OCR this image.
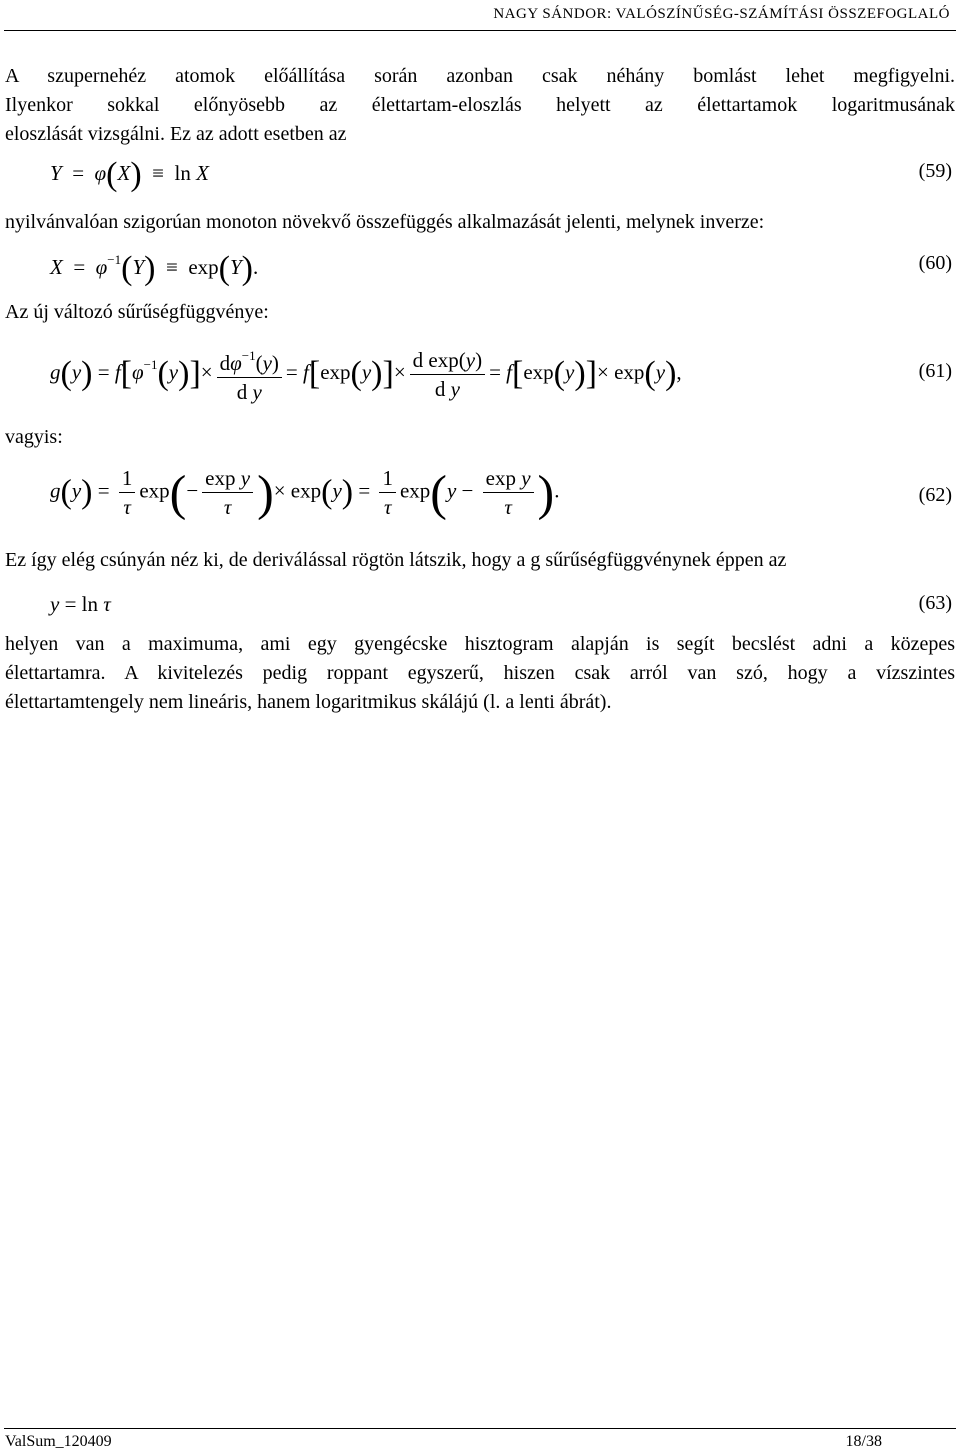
NAGY SÁNDOR: VALÓSZÍNŰSÉG-SZÁMÍTÁSI ÖSSZEFOGLALÓ
A szupernehéz atomok előállítása során azonban csak néhány bomlást lehet megfigyelni.
Ilyenkor sokkal előnyösebb az élettartam-eloszlás helyett az élettartamok logaritmusának
eloszlását vizsgálni. Ez az adott esetben az
Y  =  φ(X)  ≡  ln X	(59)
nyilvánvalóan szigorúan monoton növekvő összefüggés alkalmazását jelenti, melynek inverze:
$X = \varphi^{-1}(Y) \equiv \exp(Y)$.	(60)
Az új változó sűrűségfüggvénye:
$g(y) = f[\varphi^{-1}(y)]\times \frac{d\varphi^{-1}(y)}{\text{d y}} = f[\exp(y)]\times \frac{\text{d exp(y)}}{\text{d y}} = f[\exp(y)]\times \exp(y)$,	(61)
vagyis:
$g(y) = \frac{1}{\tau} \exp(- \frac{\text{exp y}}{\tau}$ )× $\exp(y) = \frac{1}{\tau} \exp(y - \frac{\text{exp y}}{\tau}$ ).	(62)
Ez így elég csúnyán néz ki, de deriválással rögtön látszik, hogy a g sűrűségfüggvénynek éppen az
y = ln τ	(63)
helyen van a maximuma, ami egy gyengécske hisztogram alapján is segít becslést adni a közepes
élettartamra. A kivitelezés pedig roppant egyszerű, hiszen csak arról van szó, hogy a vízszintes
élettartamtengely nem lineáris, hanem logaritmikus skálájú (l. a lenti ábrát).
ValSum_120409	18/38
